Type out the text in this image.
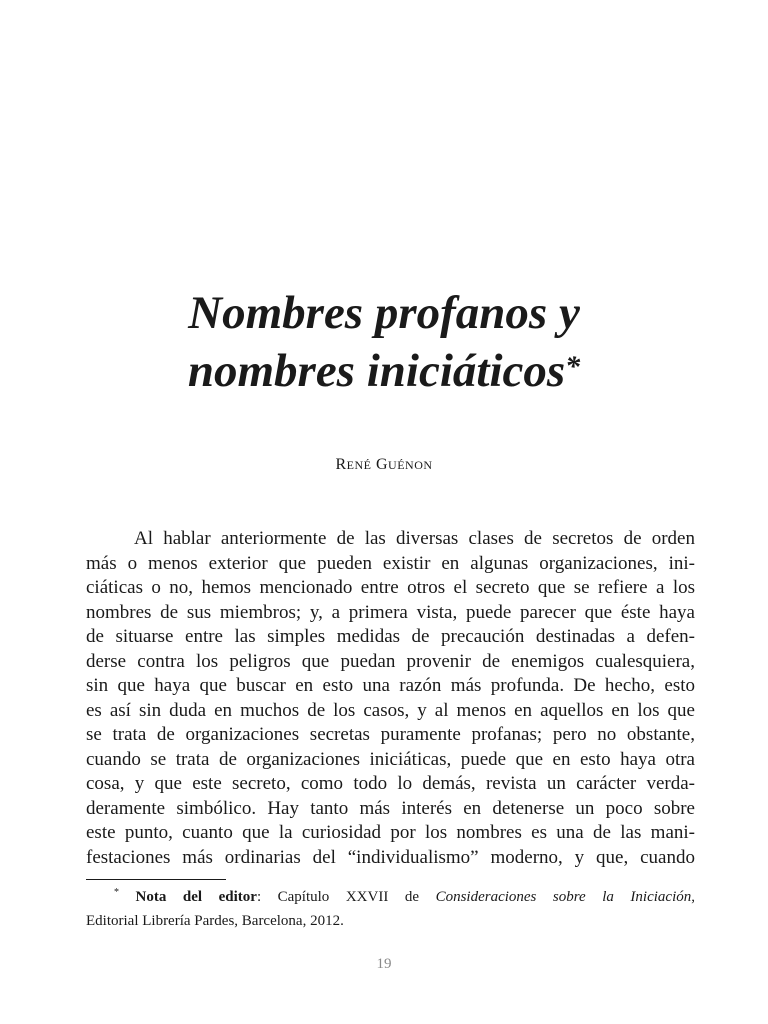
Nombres profanos y
nombres iniciáticos*
RENÉ GUÉNON
Al hablar anteriormente de las diversas clases de secretos de orden
más o menos exterior que pueden existir en algunas organizaciones, ini-
ciáticas o no, hemos mencionado entre otros el secreto que se refiere a los
nombres de sus miembros; y, a primera vista, puede parecer que éste haya
de situarse entre las simples medidas de precaución destinadas a defen-
derse contra los peligros que puedan provenir de enemigos cualesquiera,
sin que haya que buscar en esto una razón más profunda. De hecho, esto
es así sin duda en muchos de los casos, y al menos en aquellos en los que
se trata de organizaciones secretas puramente profanas; pero no obstante,
cuando se trata de organizaciones iniciáticas, puede que en esto haya otra
cosa, y que este secreto, como todo lo demás, revista un carácter verda-
deramente simbólico. Hay tanto más interés en detenerse un poco sobre
este punto, cuanto que la curiosidad por los nombres es una de las mani-
festaciones más ordinarias del “individualismo” moderno, y que, cuando
* Nota del editor: Capítulo XXVII de Consideraciones sobre la Iniciación,
Editorial Librería Pardes, Barcelona, 2012.
19
